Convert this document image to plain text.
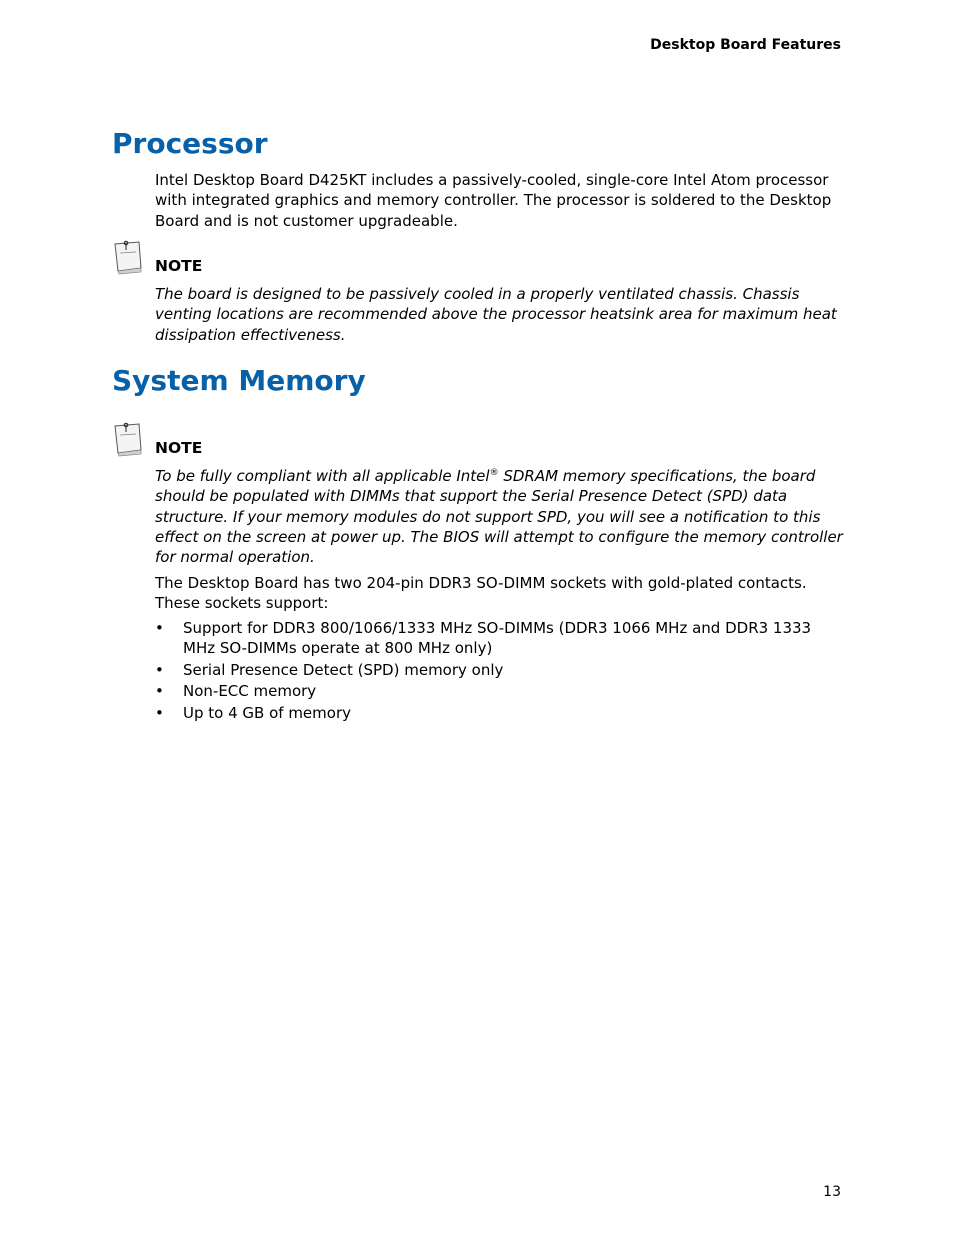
Desktop Board Features
Processor

Intel Desktop Board D425KT includes a passively-cooled, single-core Intel Atom processor with integrated graphics and memory controller. The processor is soldered to the Desktop Board and is not customer upgradeable.

NOTE

The board is designed to be passively cooled in a properly ventilated chassis. Chassis venting locations are recommended above the processor heatsink area for maximum heat dissipation effectiveness.

System Memory
NOTE

To be fully compliant with all applicable Intel® SDRAM memory specifications, the board should be populated with DIMMs that support the Serial Presence Detect (SPD) data structure. If your memory modules do not support SPD, you will see a notification to this effect on the screen at power up. The BIOS will attempt to configure the memory controller for normal operation.

The Desktop Board has two 204-pin DDR3 SO-DIMM sockets with gold-plated contacts. These sockets support:

• Support for DDR3 800/1066/1333 MHz SO-DIMMs (DDR3 1066 MHz and DDR3 1333 MHz SO-DIMMs operate at 800 MHz only)
• Serial Presence Detect (SPD) memory only
• Non-ECC memory
• Up to 4 GB of memory
13
